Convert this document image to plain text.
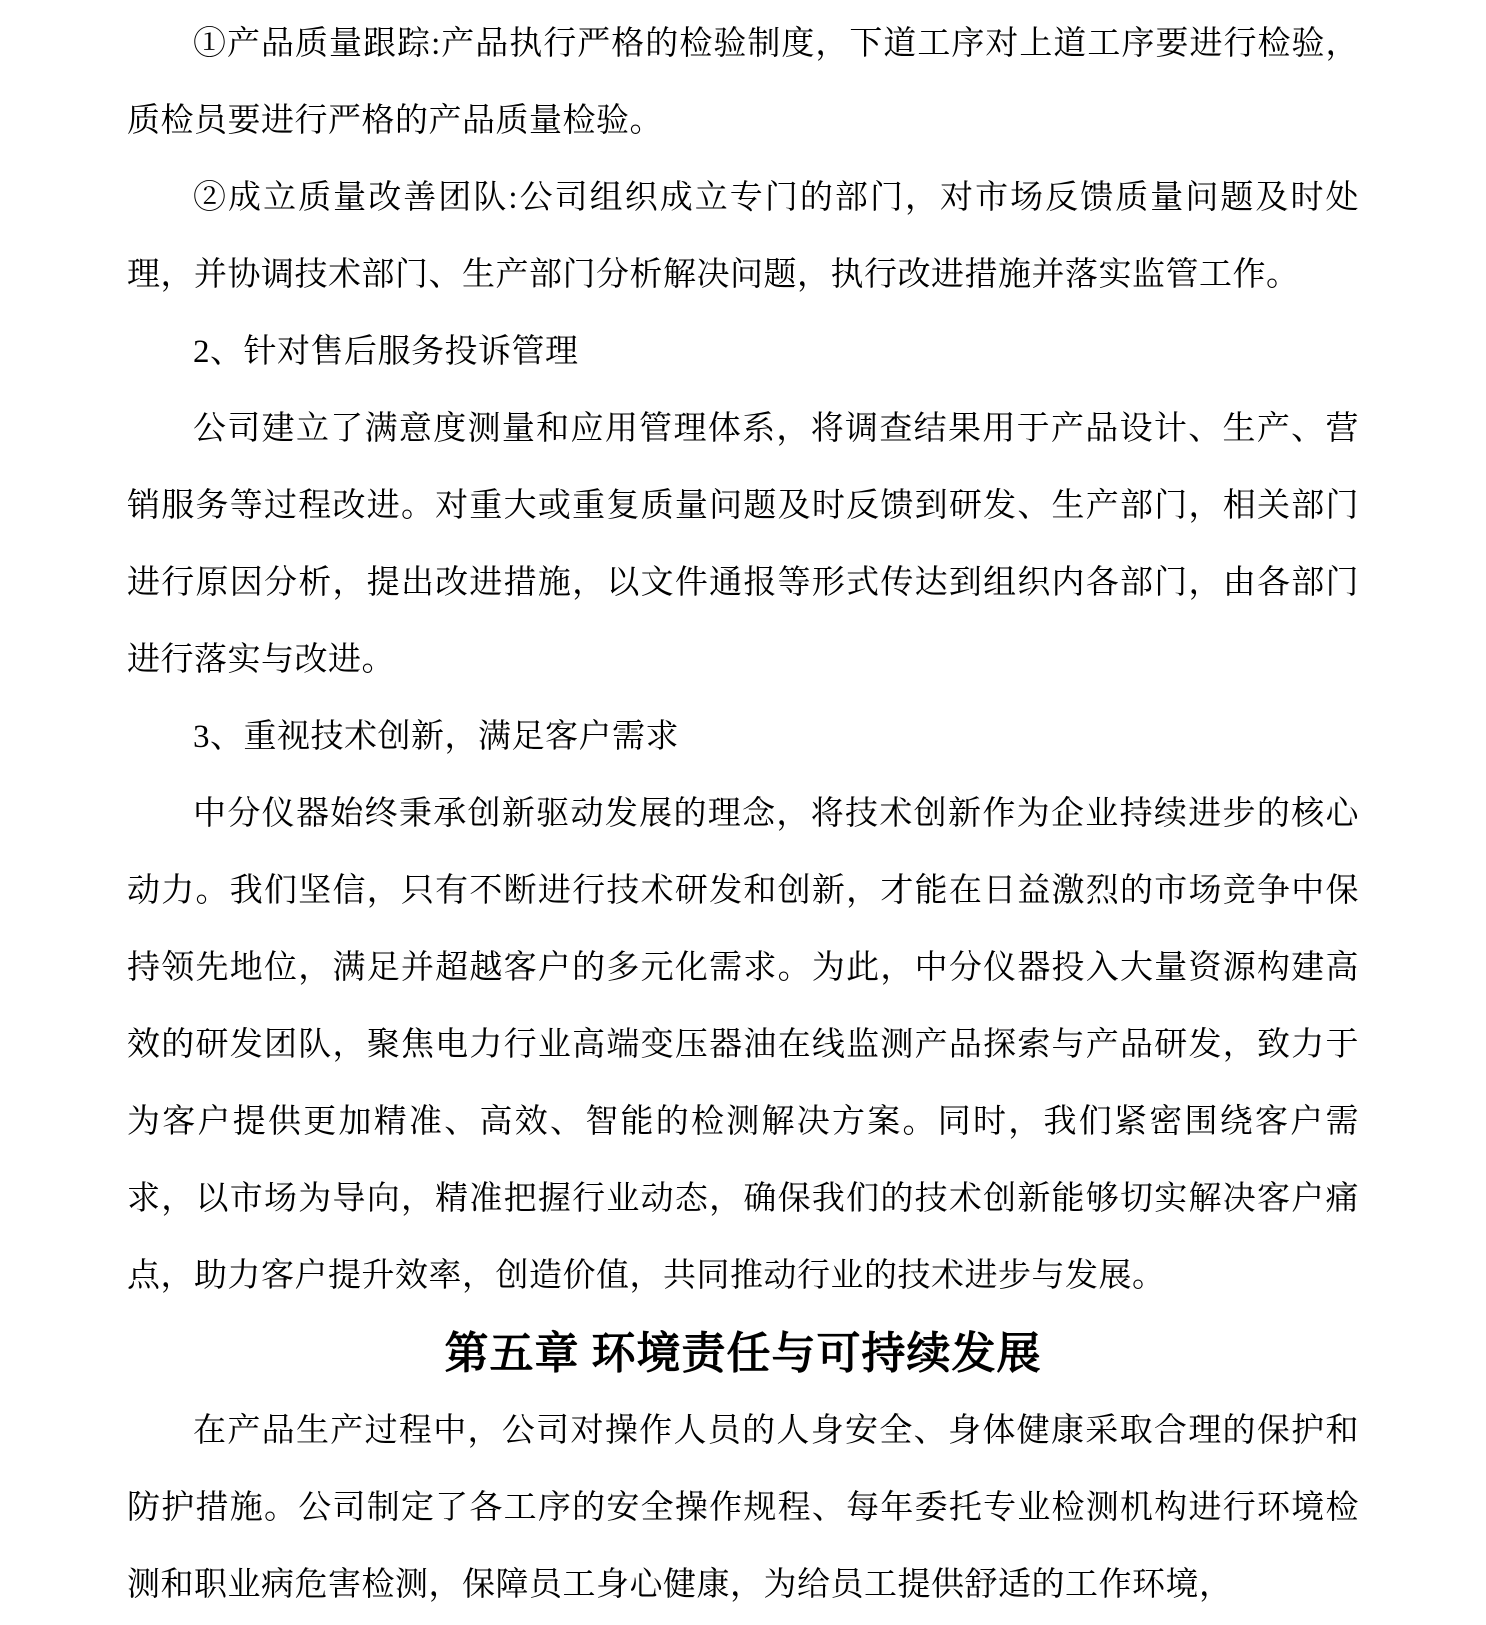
①产品质量跟踪:产品执行严格的检验制度，下道工序对上道工序要进行检验，质检员要进行严格的产品质量检验。

②成立质量改善团队:公司组织成立专门的部门，对市场反馈质量问题及时处理，并协调技术部门、生产部门分析解决问题，执行改进措施并落实监管工作。

2、针对售后服务投诉管理

公司建立了满意度测量和应用管理体系，将调查结果用于产品设计、生产、营销服务等过程改进。对重大或重复质量问题及时反馈到研发、生产部门，相关部门进行原因分析，提出改进措施，以文件通报等形式传达到组织内各部门，由各部门进行落实与改进。

3、重视技术创新，满足客户需求

中分仪器始终秉承创新驱动发展的理念，将技术创新作为企业持续进步的核心动力。我们坚信，只有不断进行技术研发和创新，才能在日益激烈的市场竞争中保持领先地位，满足并超越客户的多元化需求。为此，中分仪器投入大量资源构建高效的研发团队，聚焦电力行业高端变压器油在线监测产品探索与产品研发，致力于为客户提供更加精准、高效、智能的检测解决方案。同时，我们紧密围绕客户需求，以市场为导向，精准把握行业动态，确保我们的技术创新能够切实解决客户痛点，助力客户提升效率，创造价值，共同推动行业的技术进步与发展。

第五章 环境责任与可持续发展

在产品生产过程中，公司对操作人员的人身安全、身体健康采取合理的保护和防护措施。公司制定了各工序的安全操作规程、每年委托专业检测机构进行环境检测和职业病危害检测，保障员工身心健康，为给员工提供舒适的工作环境，
